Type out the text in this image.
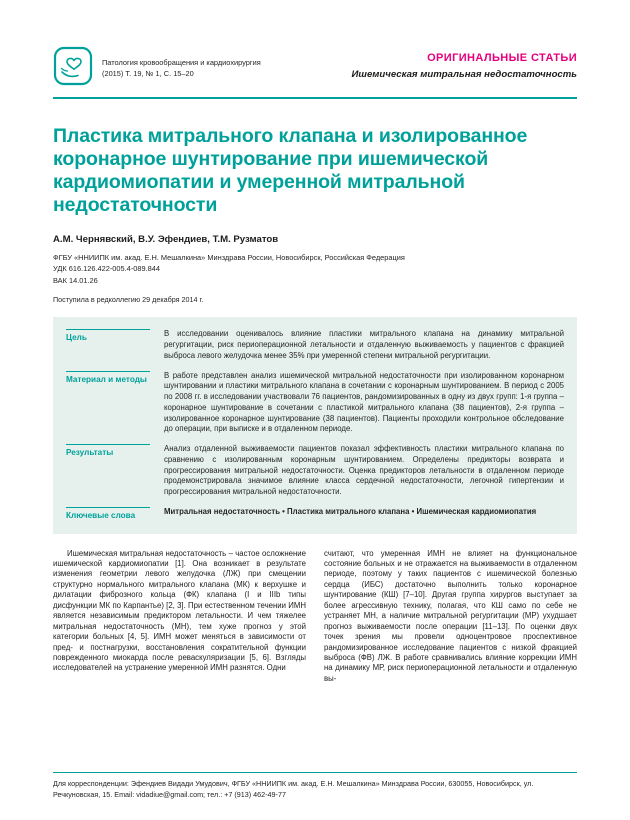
Патология кровообращения и кардиохирургия
(2015) Т. 19, № 1, С. 15–20
ОРИГИНАЛЬНЫЕ СТАТЬИ
Ишемическая митральная недостаточность
Пластика митрального клапана и изолированное коронарное шунтирование при ишемической кардиомиопатии и умеренной митральной недостаточности
А.М. Чернявский, В.У. Эфендиев, Т.М. Рузматов
ФГБУ «ННИИПК им. акад. Е.Н. Мешалкина» Минздрава России, Новосибирск, Российская Федерация
УДК 616.126.422-005.4-089.844
ВАК 14.01.26
Поступила в редколлегию 29 декабря 2014 г.
Цель	В исследовании оценивалось влияние пластики митрального клапана на динамику митральной регургитации, риск периоперационной летальности и отдаленную выживаемость у пациентов с фракцией выброса левого желудочка менее 35% при умеренной степени митральной регургитации.
Материал и методы	В работе представлен анализ ишемической митральной недостаточности при изолированном коронарном шунтировании и пластики митрального клапана в сочетании с коронарным шунтированием. В период с 2005 по 2008 гг. в исследовании участвовали 76 пациентов, рандомизированных в одну из двух групп: 1-я группа – коронарное шунтирование в сочетании с пластикой митрального клапана (38 пациентов), 2-я группа – изолированное коронарное шунтирование (38 пациентов). Пациенты проходили контрольное обследование до операции, при выписке и в отдаленном периоде.
Результаты	Анализ отдаленной выживаемости пациентов показал эффективность пластики митрального клапана по сравнению с изолированным коронарным шунтированием. Определены предикторы возврата и прогрессирования митральной недостаточности. Оценка предикторов летальности в отдаленном периоде продемонстрировала значимое влияние класса сердечной недостаточности, легочной гипертензии и прогрессирования митральной недостаточности.
Ключевые слова	Митральная недостаточность • Пластика митрального клапана • Ишемическая кардиомиопатия

Ишемическая митральная недостаточность – частое осложнение ишемической кардиомиопатии [1]. Она возникает в результате изменения геометрии левого желудочка (ЛЖ) при смещении структурно нормального митрального клапана (МК) к верхушке и дилатации фиброзного кольца (ФК) клапана (I и IIIb типы дисфункции МК по Карпантье) [2, 3]. При естественном течении ИМН является независимым предиктором летальности. И чем тяжелее митральная недостаточность (МН), тем хуже прогноз у этой категории больных [4, 5]. ИМН может меняться в зависимости от пред- и постнагрузки, восстановления сократительной функции поврежденного миокарда после реваскуляризации [5, 6]. Взгляды исследователей на устранение умеренной ИМН разнятся. Одни

считают, что умеренная ИМН не влияет на функциональное состояние больных и не отражается на выживаемости в отдаленном периоде, поэтому у таких пациентов с ишемической болезнью сердца (ИБС) достаточно выполнить только коронарное шунтирование (КШ) [7–10]. Другая группа хирургов выступает за более агрессивную технику, полагая, что КШ само по себе не устраняет МН, а наличие митральной регургитации (МР) ухудшает прогноз выживаемости после операции [11–13]. По оценки двух точек зрения мы провели одноцентровое проспективное рандомизированное исследование пациентов с низкой фракцией выброса (ФВ) ЛЖ. В работе сравнивались влияние коррекции ИМН на динамику МР, риск периоперационной летальности и отдаленную вы-

Для корреспонденции: Эфендиев Видади Умудович, ФГБУ «ННИИПК им. акад. Е.Н. Мешалкина» Минздрава России, 630055, Новосибирск, ул. Речкуновская, 15. Email: vidadiue@gmail.com; тел.: +7 (913) 462-49-77
